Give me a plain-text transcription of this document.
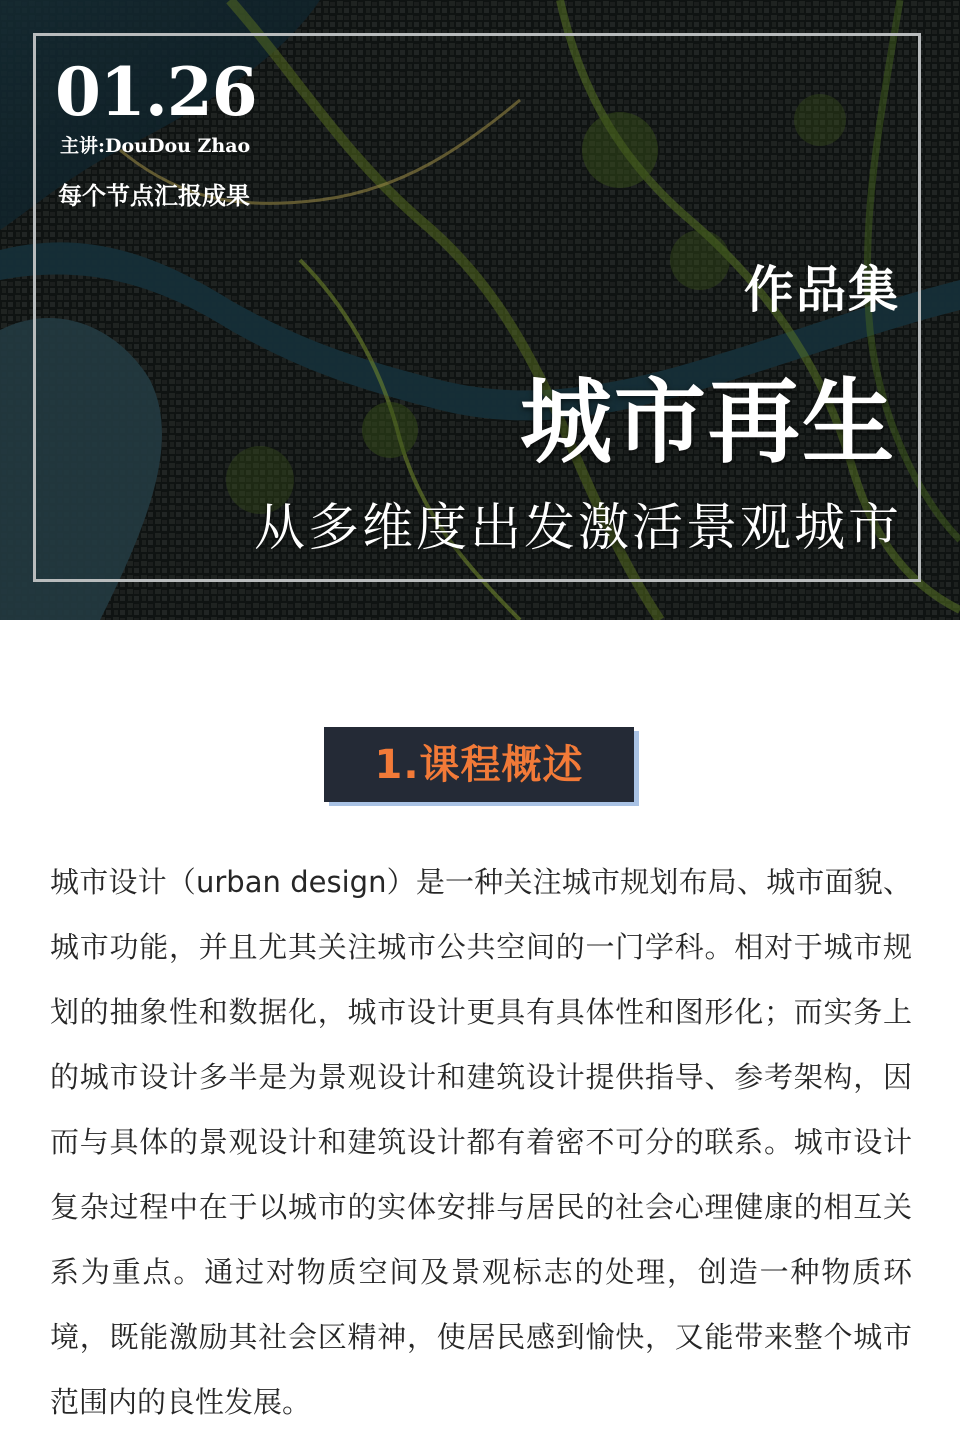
01.26
主讲:DouDou Zhao
每个节点汇报成果
作品集
城市再生
从多维度出发激活景观城市
1.课程概述

城市设计（urban design）是一种关注城市规划布局、城市面貌、城市功能，并且尤其关注城市公共空间的一门学科。相对于城市规划的抽象性和数据化，城市设计更具有具体性和图形化；而实务上的城市设计多半是为景观设计和建筑设计提供指导、参考架构，因而与具体的景观设计和建筑设计都有着密不可分的联系。城市设计复杂过程中在于以城市的实体安排与居民的社会心理健康的相互关系为重点。通过对物质空间及景观标志的处理，创造一种物质环境，既能激励其社会区精神，使居民感到愉快，又能带来整个城市范围内的良性发展。
